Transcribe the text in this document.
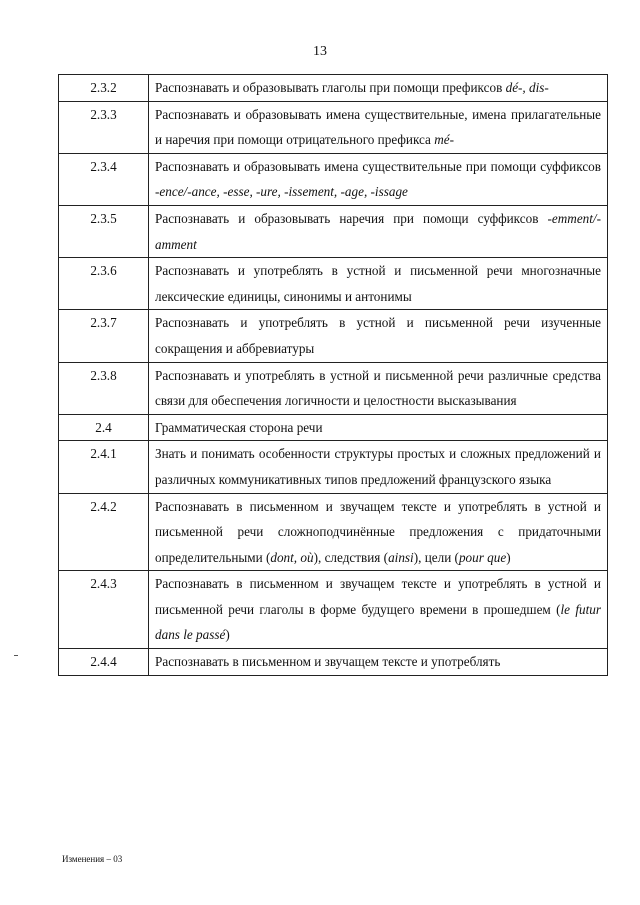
13
2.3.2	Распознавать и образовывать глаголы при помощи префиксов dé-, dis-
2.3.3	Распознавать и образовывать имена существительные, имена прилагательные и наречия при помощи отрицательного префикса mé-
2.3.4	Распознавать и образовывать имена существительные при помощи суффиксов -ence/-ance, -esse, -ure, -issement, -age, -issage
2.3.5	Распознавать и образовывать наречия при помощи суффиксов -emment/-amment
2.3.6	Распознавать и употреблять в устной и письменной речи многозначные лексические единицы, синонимы и антонимы
2.3.7	Распознавать и употреблять в устной и письменной речи изученные сокращения и аббревиатуры
2.3.8	Распознавать и употреблять в устной и письменной речи различные средства связи для обеспечения логичности и целостности высказывания
2.4	Грамматическая сторона речи
2.4.1	Знать и понимать особенности структуры простых и сложных предложений и различных коммуникативных типов предложений французского языка
2.4.2	Распознавать в письменном и звучащем тексте и употреблять в устной и письменной речи сложноподчинённые предложения с придаточными определительными (dont, où), следствия (ainsi), цели (pour que)
2.4.3	Распознавать в письменном и звучащем тексте и употреблять в устной и письменной речи глаголы в форме будущего времени в прошедшем (le futur dans le passé)
2.4.4	Распознавать в письменном и звучащем тексте и употреблять
Изменения – 03
